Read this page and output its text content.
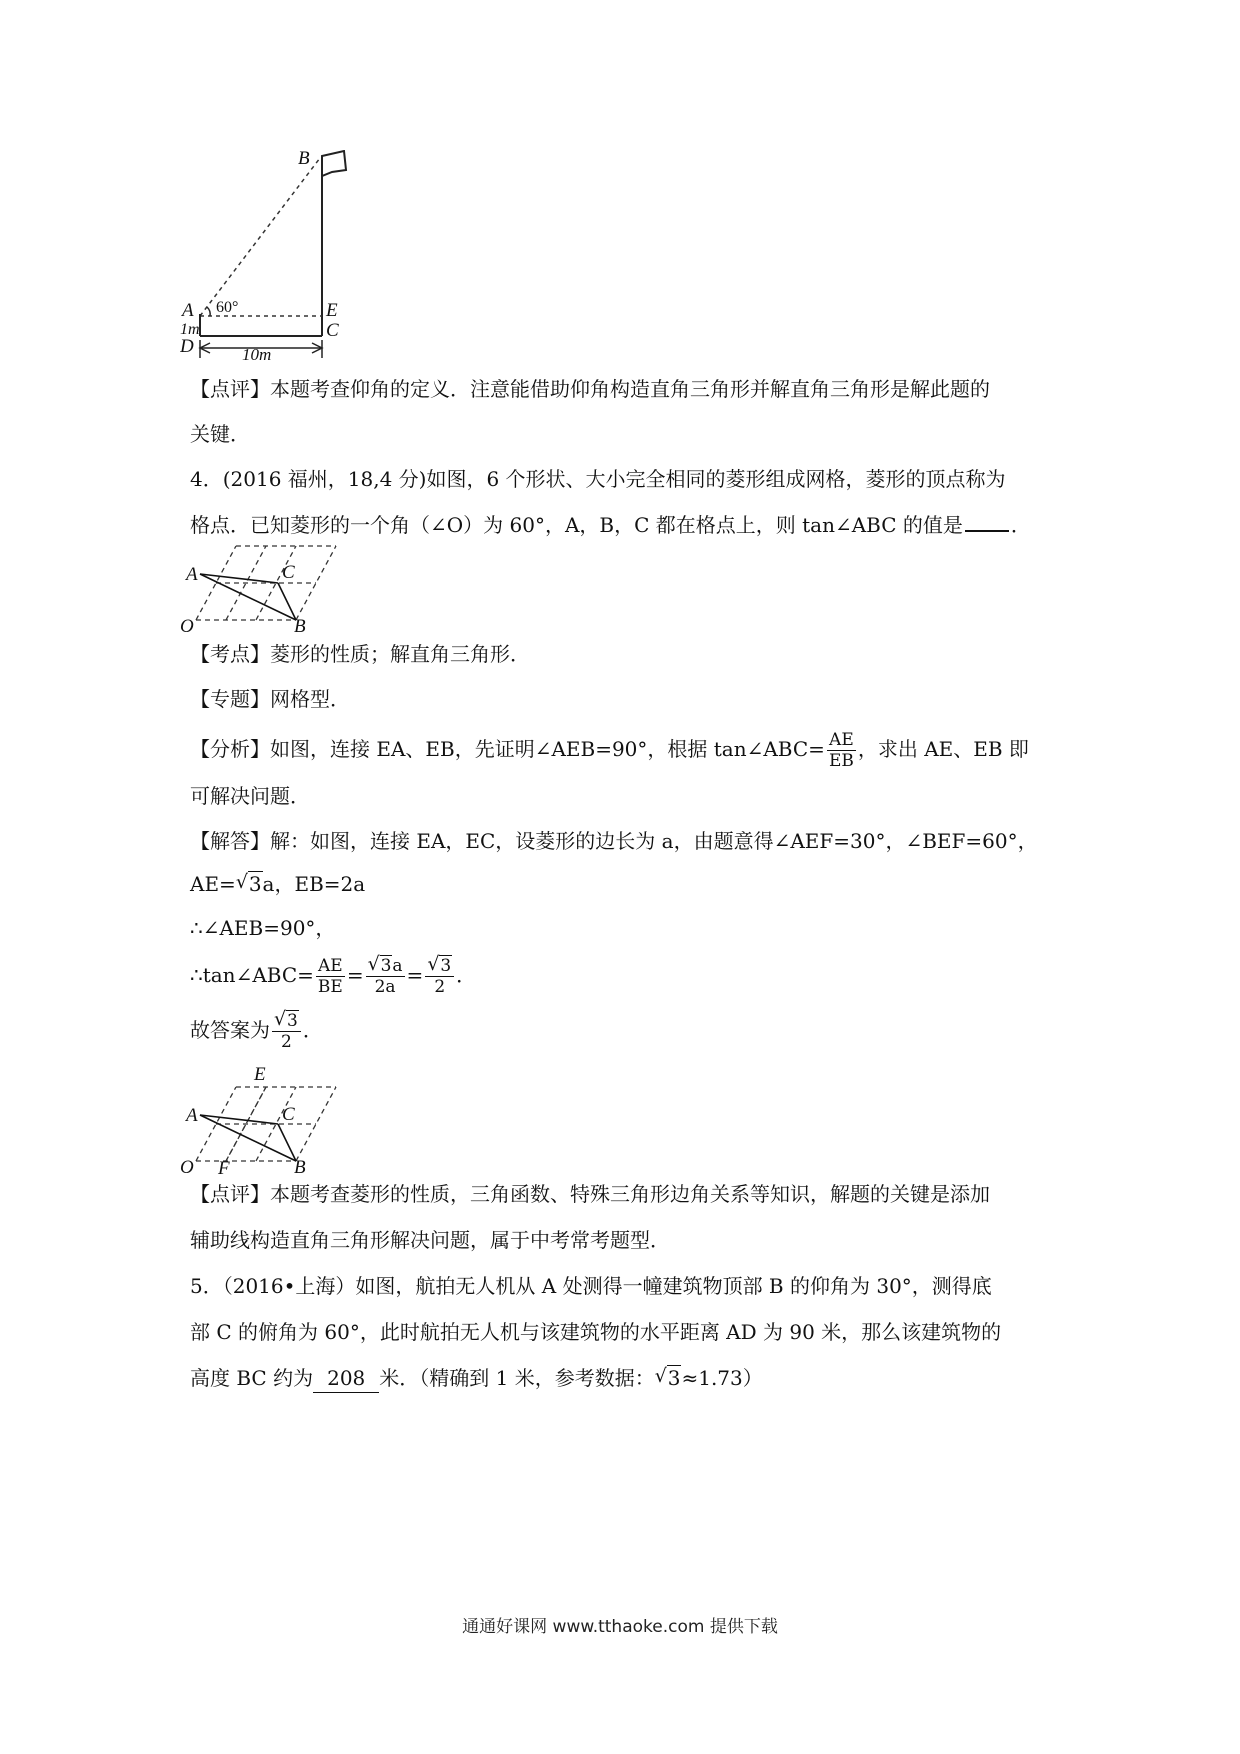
B
A 60°	E
C
1m
D	10m
【点评】本题考查仰角的定义．注意能借助仰角构造直角三角形并解直角三角形是解此题的
关键．
4．(2016 福州，18,4 分)如图，6 个形状、大小完全相同的菱形组成网格，菱形的顶点称为
格点．已知菱形的一个角（∠O）为 60°，A，B，C 都在格点上，则 tan∠ABC 的值是 ．
A	C
O	B
【考点】菱形的性质；解直角三角形．
【专题】网格型．
【分析】如图，连接 EA、EB，先证明∠AEB=90°，根据 tan∠ABC= $\frac{AE}{EB}$ ，求出 AE、EB 即
可解决问题．
【解答】解：如图，连接 EA，EC，设菱形的边长为 a，由题意得∠AEF=30°，∠BEF=60°，
AE= √ 3a，EB=2a
∴∠AEB=90°，
∴tan∠ABC= $\frac{AE}{BE}$ = √ $\frac{3a}{2a}$ = √ $\frac{3}{2}$ ．
故答案为 √ $\frac{3}{2}$ ．
E
A	C
O F	B
【点评】本题考查菱形的性质，三角函数、特殊三角形边角关系等知识，解题的关键是添加
辅助线构造直角三角形解决问题，属于中考常考题型．
5．（2016•上海）如图，航拍无人机从 A 处测得一幢建筑物顶部 B 的仰角为 30°，测得底
部 C 的俯角为 60°，此时航拍无人机与该建筑物的水平距离 AD 为 90 米，那么该建筑物的
高度 BC 约为 208 米．（精确到 1 米，参考数据： √ 3≈1.73）
通通好课网 www.tthaoke.com 提供下载
